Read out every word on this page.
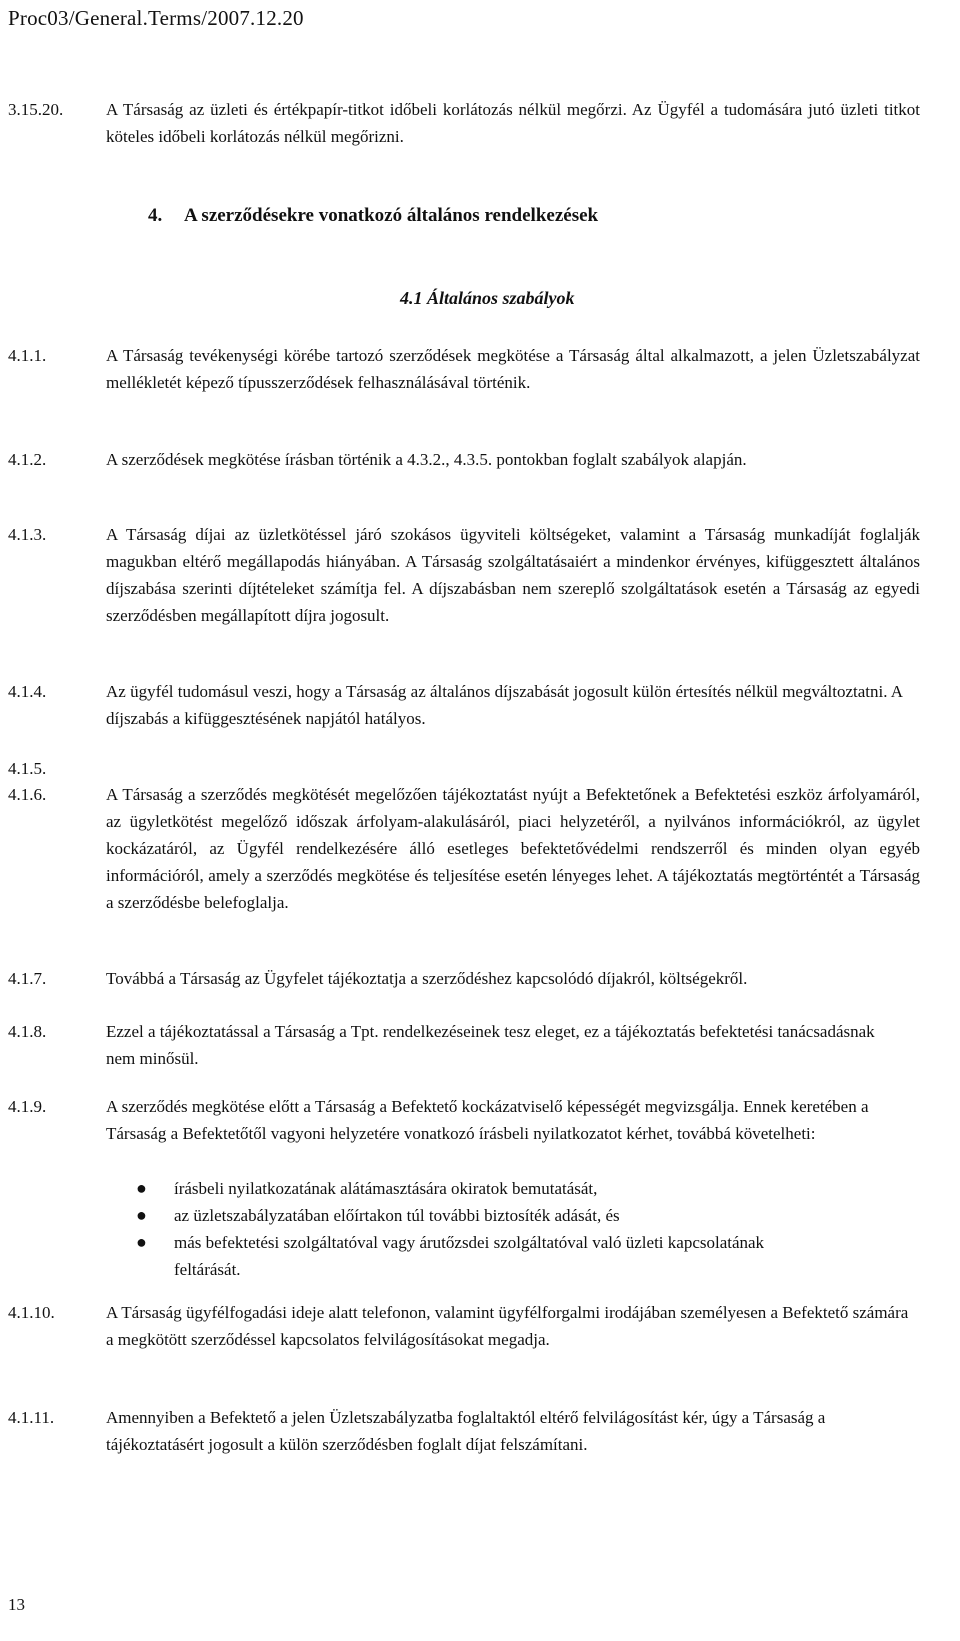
Proc03/General.Terms/2007.12.20
3.15.20.	A Társaság az üzleti és értékpapír-titkot időbeli korlátozás nélkül megőrzi. Az Ügyfél a tudomására jutó üzleti titkot köteles időbeli korlátozás nélkül megőrizni.
4. A szerződésekre vonatkozó általános rendelkezések
4.1 Általános szabályok
4.1.1.	A Társaság tevékenységi körébe tartozó szerződések megkötése a Társaság által alkalmazott, a jelen Üzletszabályzat mellékletét képező típusszerződések felhasználásával történik.
4.1.2.	A szerződések megkötése írásban történik a 4.3.2., 4.3.5. pontokban foglalt szabályok alapján.
4.1.3.	A Társaság díjai az üzletkötéssel járó szokásos ügyviteli költségeket, valamint a Társaság munkadíját foglalják magukban eltérő megállapodás hiányában. A Társaság szolgáltatásaiért a mindenkor érvényes, kifüggesztett általános díjszabása szerinti díjtételeket számítja fel. A díjszabásban nem szereplő szolgáltatások esetén a Társaság az egyedi szerződésben megállapított díjra jogosult.
4.1.4.	Az ügyfél tudomásul veszi, hogy a Társaság az általános díjszabását jogosult külön értesítés nélkül megváltoztatni. A díjszabás a kifüggesztésének napjától hatályos.
4.1.5.
4.1.6.	A Társaság a szerződés megkötését megelőzően tájékoztatást nyújt a Befektetőnek a Befektetési eszköz árfolyamáról, az ügyletkötést megelőző időszak árfolyam-alakulásáról, piaci helyzetéről, a nyilvános információkról, az ügylet kockázatáról, az Ügyfél rendelkezésére álló esetleges befektetővédelmi rendszerről és minden olyan egyéb információról, amely a szerződés megkötése és teljesítése esetén lényeges lehet. A tájékoztatás megtörténtét a Társaság a szerződésbe belefoglalja.
4.1.7.	Továbbá a Társaság az Ügyfelet tájékoztatja a szerződéshez kapcsolódó díjakról, költségekről.
4.1.8.	Ezzel a tájékoztatással a Társaság a Tpt. rendelkezéseinek tesz eleget, ez a tájékoztatás befektetési tanácsadásnak nem minősül.
4.1.9.	A szerződés megkötése előtt a Társaság a Befektető kockázatviselő képességét megvizsgálja. Ennek keretében a Társaság a Befektetőtől vagyoni helyzetére vonatkozó írásbeli nyilatkozatot kérhet, továbbá követelheti:
● írásbeli nyilatkozatának alátámasztására okiratok bemutatását,
● az üzletszabályzatában előírtakon túl további biztosíték adását, és
● más befektetési szolgáltatóval vagy árutőzsdei szolgáltatóval való üzleti kapcsolatának feltárását.
4.1.10.	A Társaság ügyfélfogadási ideje alatt telefonon, valamint ügyfélforgalmi irodájában személyesen a Befektető számára a megkötött szerződéssel kapcsolatos felvilágosításokat megadja.
4.1.11.	Amennyiben a Befektető a jelen Üzletszabályzatba foglaltaktól eltérő felvilágosítást kér, úgy a Társaság a tájékoztatásért jogosult a külön szerződésben foglalt díjat felszámítani.
13
